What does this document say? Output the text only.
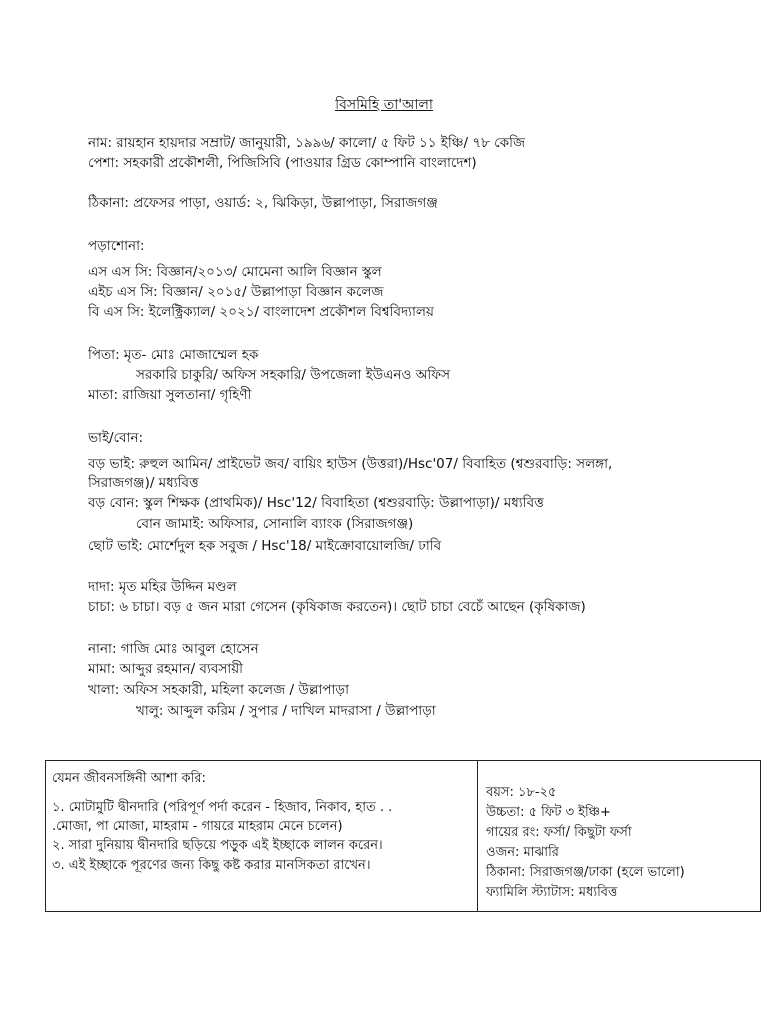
বিসমিহি তা'আলা
নাম: রায়হান হায়দার সম্রাট/ জানুয়ারী, ১৯৯৬/ কালো/ ৫ ফিট ১১ ইঞ্চি/ ৭৮ কেজি
পেশা: সহকারী প্রকৌশলী, পিজিসিবি (পাওয়ার গ্রিড কোম্পানি বাংলাদেশ)
ঠিকানা: প্রফেসর পাড়া, ওয়ার্ড: ২, ঝিকিড়া, উল্লাপাড়া, সিরাজগঞ্জ
পড়াশোনা:
এস এস সি: বিজ্ঞান/২০১৩/ মোমেনা আলি বিজ্ঞান স্কুল
এইচ এস সি: বিজ্ঞান/ ২০১৫/ উল্লাপাড়া বিজ্ঞান কলেজ
বি এস সি: ইলেক্ট্রিক্যাল/ ২০২১/ বাংলাদেশ প্রকৌশল বিশ্ববিদ্যালয়
পিতা: মৃত- মোঃ মোজাম্মেল হক
সরকারি চাকুরি/ অফিস সহকারি/ উপজেলা ইউএনও অফিস
মাতা: রাজিয়া সুলতানা/ গৃহিণী
ভাই/বোন:
বড় ভাই: রুহুল আমিন/ প্রাইভেট জব/ বায়িং হাউস (উত্তরা)/Hsc'07/ বিবাহিত (শ্বশুরবাড়ি: সলঙ্গা,
সিরাজগঞ্জ)/ মধ্যবিত্ত
বড় বোন: স্কুল শিক্ষক (প্রাথমিক)/ Hsc'12/ বিবাহিতা (শ্বশুরবাড়ি: উল্লাপাড়া)/ মধ্যবিত্ত
বোন জামাই: অফিসার, সোনালি ব্যাংক (সিরাজগঞ্জ)
ছোট ভাই: মোর্শেদুল হক সবুজ / Hsc'18/ মাইক্রোবায়োলজি/ ঢাবি
দাদা: মৃত মহির উদ্দিন মণ্ডল
চাচা: ৬ চাচা। বড় ৫ জন মারা গেসেন (কৃষিকাজ করতেন)। ছোট চাচা বেচেঁ আছেন (কৃষিকাজ)
নানা: গাজি মোঃ আবুল হোসেন
মামা: আব্দুর রহমান/ ব্যবসায়ী
খালা: অফিস সহকারী, মহিলা কলেজ / উল্লাপাড়া
খালু: আব্দুল করিম / সুপার / দাখিল মাদরাসা / উল্লাপাড়া
যেমন জীবনসঙ্গিনী আশা করি:
১. মোটামুটি দ্বীনদারি (পরিপূর্ণ পর্দা করেন - হিজাব, নিকাব, হাত . .
.মোজা, পা মোজা, মাহরাম - গায়রে মাহরাম মেনে চলেন)
২. সারা দুনিয়ায় দ্বীনদারি ছড়িয়ে পড়ুক এই ইচ্ছাকে লালন করেন।
৩. এই ইচ্ছাকে পূরণের জন্য কিছু কষ্ট করার মানসিকতা রাখেন।
বয়স: ১৮-২৫
উচ্চতা: ৫ ফিট ৩ ইঞ্চি+
গায়ের রং: ফর্সা/ কিছুটা ফর্সা
ওজন: মাঝারি
ঠিকানা: সিরাজগঞ্জ/ঢাকা (হলে ভালো)
ফ্যামিলি স্ট্যাটাস: মধ্যবিত্ত
